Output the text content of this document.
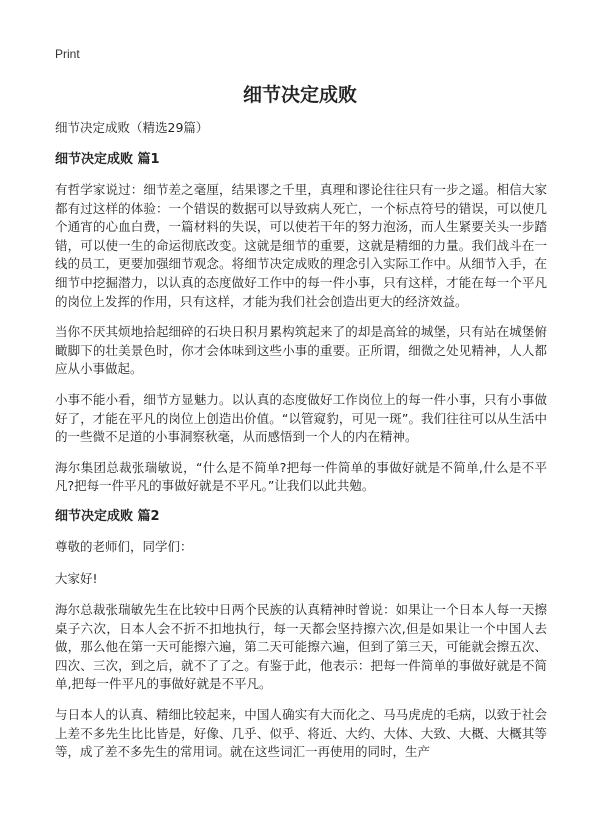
Print
细节决定成败

细节决定成败（精选29篇）

细节决定成败 篇1

有哲学家说过：细节差之毫厘，结果谬之千里，真理和谬论往往只有一步之遥。相信大家都有过这样的体验：一个错误的数据可以导致病人死亡，一个标点符号的错误，可以使几个通宵的心血白费，一篇材料的失误，可以使若干年的努力泡汤，而人生紧要关头一步踏错，可以使一生的命运彻底改变。这就是细节的重要，这就是精细的力量。我们战斗在一线的员工，更要加强细节观念。将细节决定成败的理念引入实际工作中。从细节入手，在细节中挖掘潜力，以认真的态度做好工作中的每一件小事，只有这样，才能在每一个平凡的岗位上发挥的作用，只有这样，才能为我们社会创造出更大的经济效益。

当你不厌其烦地拾起细碎的石块日积月累构筑起来了的却是高耸的城堡，只有站在城堡俯瞰脚下的壮美景色时，你才会体味到这些小事的重要。正所谓，细微之处见精神，人人都应从小事做起。

小事不能小看，细节方显魅力。以认真的态度做好工作岗位上的每一件小事，只有小事做好了，才能在平凡的岗位上创造出价值。“以管窥豹，可见一斑”。我们往往可以从生活中的一些微不足道的小事洞察秋毫，从而感悟到一个人的内在精神。

海尔集团总裁张瑞敏说，“什么是不简单?把每一件简单的事做好就是不简单,什么是不平凡?把每一件平凡的事做好就是不平凡。”让我们以此共勉。

细节决定成败 篇2

尊敬的老师们，同学们：

大家好!

海尔总裁张瑞敏先生在比较中日两个民族的认真精神时曾说：如果让一个日本人每一天擦桌子六次，日本人会不折不扣地执行，每一天都会坚持擦六次,但是如果让一个中国人去做，那么他在第一天可能擦六遍，第二天可能擦六遍，但到了第三天，可能就会擦五次、四次、三次，到之后，就不了了之。有鉴于此，他表示：把每一件简单的事做好就是不简单,把每一件平凡的事做好就是不平凡。

与日本人的认真、精细比较起来，中国人确实有大而化之、马马虎虎的毛病，以致于社会上差不多先生比比皆是，好像、几乎、似乎、将近、大约、大体、大致、大概、大概其等等，成了差不多先生的常用词。就在这些词汇一再使用的同时，生产
